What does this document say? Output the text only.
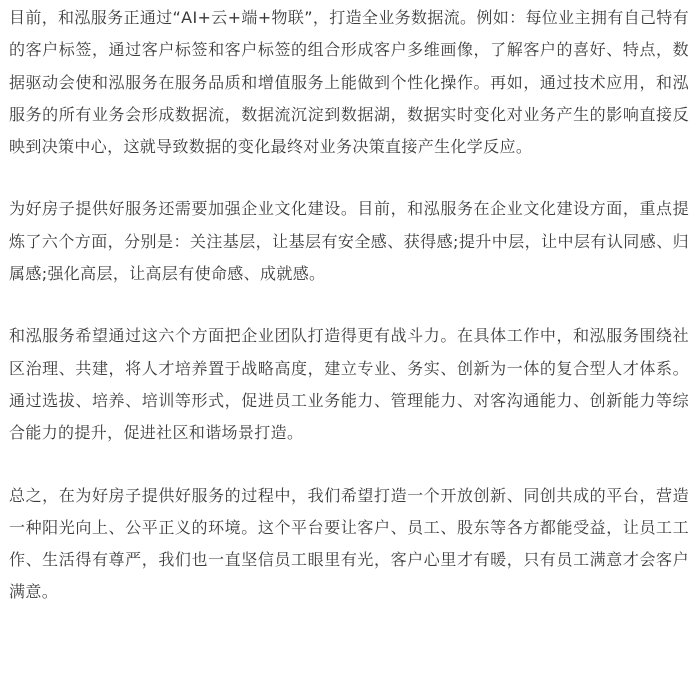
目前，和泓服务正通过“AI+云+端+物联”，打造全业务数据流。例如：每位业主拥有自己特有的客户标签，通过客户标签和客户标签的组合形成客户多维画像，了解客户的喜好、特点，数据驱动会使和泓服务在服务品质和增值服务上能做到个性化操作。再如，通过技术应用，和泓服务的所有业务会形成数据流，数据流沉淀到数据湖，数据实时变化对业务产生的影响直接反映到决策中心，这就导致数据的变化最终对业务决策直接产生化学反应。

为好房子提供好服务还需要加强企业文化建设。目前，和泓服务在企业文化建设方面，重点提炼了六个方面，分别是：关注基层，让基层有安全感、获得感;提升中层，让中层有认同感、归属感;强化高层，让高层有使命感、成就感。

和泓服务希望通过这六个方面把企业团队打造得更有战斗力。在具体工作中，和泓服务围绕社区治理、共建，将人才培养置于战略高度，建立专业、务实、创新为一体的复合型人才体系。通过选拔、培养、培训等形式，促进员工业务能力、管理能力、对客沟通能力、创新能力等综合能力的提升，促进社区和谐场景打造。

总之，在为好房子提供好服务的过程中，我们希望打造一个开放创新、同创共成的平台，营造一种阳光向上、公平正义的环境。这个平台要让客户、员工、股东等各方都能受益，让员工工作、生活得有尊严，我们也一直坚信员工眼里有光，客户心里才有暖，只有员工满意才会客户满意。
